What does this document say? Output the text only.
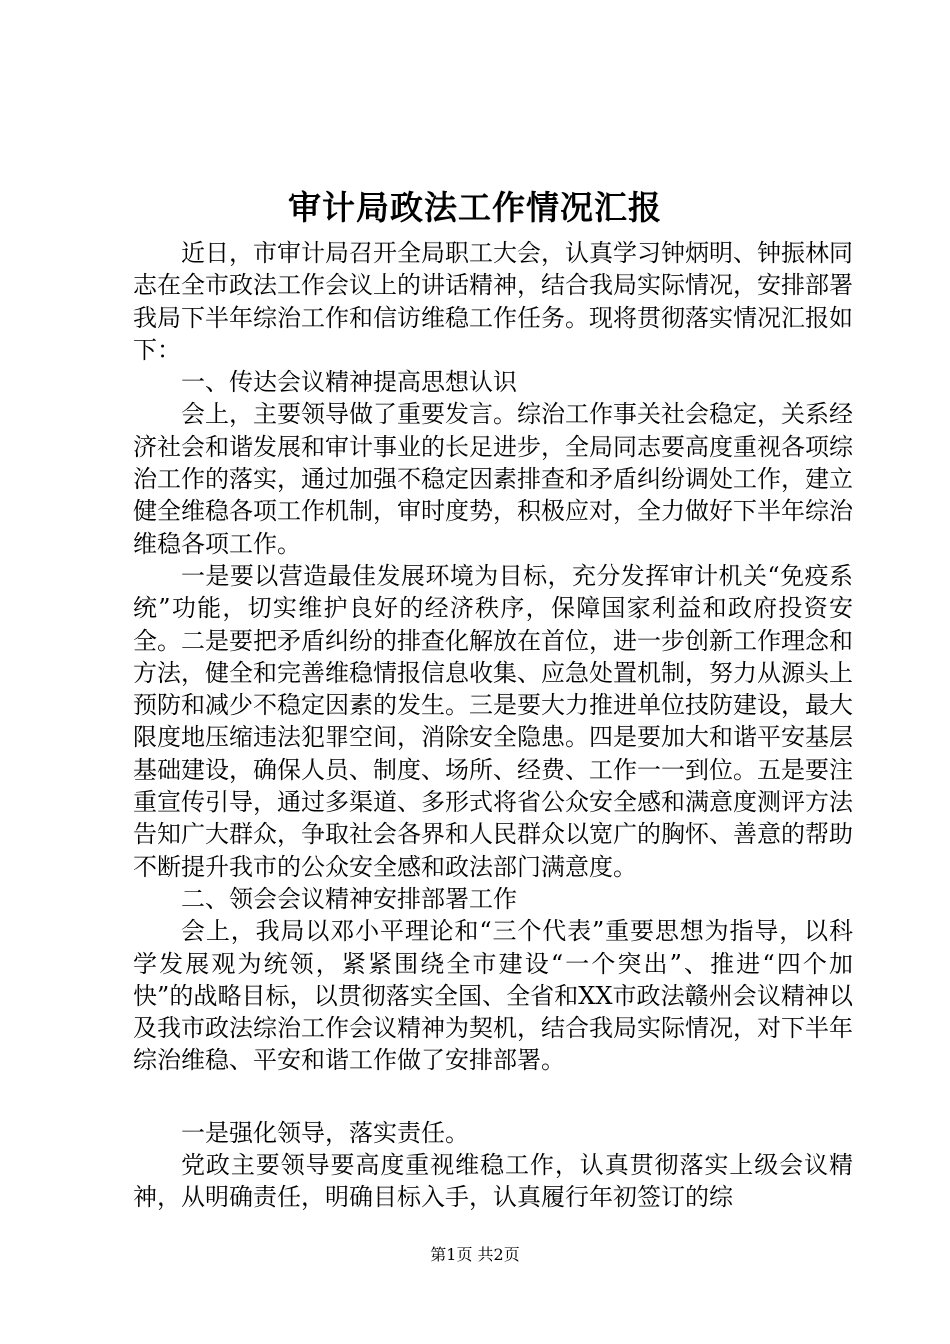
审计局政法工作情况汇报

近日，市审计局召开全局职工大会，认真学习钟炳明、钟振林同志在全市政法工作会议上的讲话精神，结合我局实际情况，安排部署我局下半年综治工作和信访维稳工作任务。现将贯彻落实情况汇报如下：

一、传达会议精神提高思想认识

会上，主要领导做了重要发言。综治工作事关社会稳定，关系经济社会和谐发展和审计事业的长足进步，全局同志要高度重视各项综治工作的落实，通过加强不稳定因素排查和矛盾纠纷调处工作，建立健全维稳各项工作机制，审时度势，积极应对，全力做好下半年综治维稳各项工作。

一是要以营造最佳发展环境为目标，充分发挥审计机关“免疫系统”功能，切实维护良好的经济秩序，保障国家利益和政府投资安全。二是要把矛盾纠纷的排查化解放在首位，进一步创新工作理念和方法，健全和完善维稳情报信息收集、应急处置机制，努力从源头上预防和减少不稳定因素的发生。三是要大力推进单位技防建设，最大限度地压缩违法犯罪空间，消除安全隐患。四是要加大和谐平安基层基础建设，确保人员、制度、场所、经费、工作一一到位。五是要注重宣传引导，通过多渠道、多形式将省公众安全感和满意度测评方法告知广大群众，争取社会各界和人民群众以宽广的胸怀、善意的帮助不断提升我市的公众安全感和政法部门满意度。

二、领会会议精神安排部署工作

会上，我局以邓小平理论和“三个代表”重要思想为指导，以科学发展观为统领，紧紧围绕全市建设“一个突出”、推进“四个加快”的战略目标，以贯彻落实全国、全省和XX市政法赣州会议精神以及我市政法综治工作会议精神为契机，结合我局实际情况，对下半年综治维稳、平安和谐工作做了安排部署。

一是强化领导，落实责任。

党政主要领导要高度重视维稳工作，认真贯彻落实上级会议精神，从明确责任，明确目标入手，认真履行年初签订的综

第1页 共2页
